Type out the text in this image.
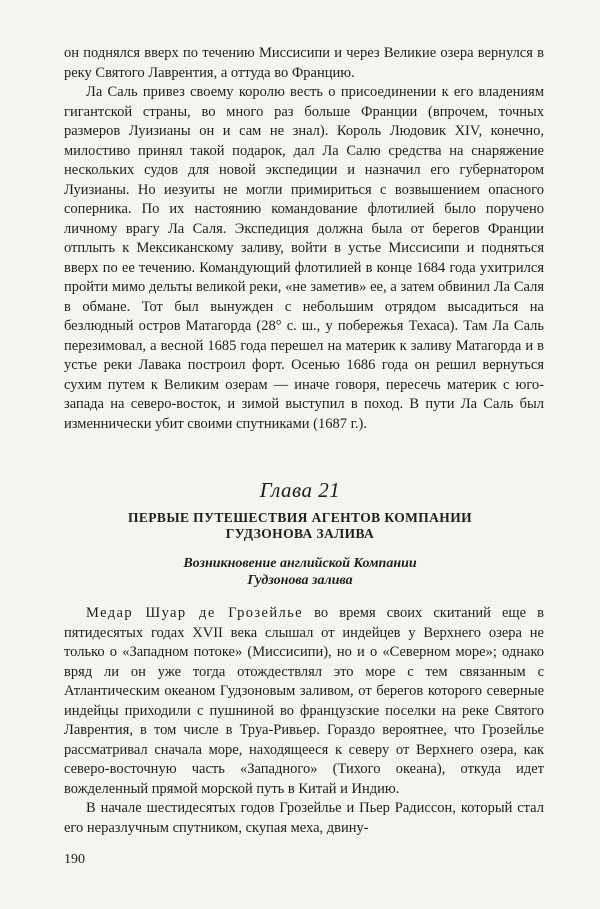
он поднялся вверх по течению Миссисипи и через Великие озера вернулся в реку Святого Лаврентия, а оттуда во Францию.

Ла Саль привез своему королю весть о присоединении к его владениям гигантской страны, во много раз больше Франции (впрочем, точных размеров Луизианы он и сам не знал). Король Людовик XIV, конечно, милостиво принял такой подарок, дал Ла Салю средства на снаряжение нескольких судов для новой экспедиции и назначил его губернатором Луизианы. Но иезуиты не могли примириться с возвышением опасного соперника. По их настоянию командование флотилией было поручено личному врагу Ла Саля. Экспедиция должна была от берегов Франции отплыть к Мексиканскому заливу, войти в устье Миссисипи и подняться вверх по ее течению. Командующий флотилией в конце 1684 года ухитрился пройти мимо дельты великой реки, «не заметив» ее, а затем обвинил Ла Саля в обмане. Тот был вынужден с небольшим отрядом высадиться на безлюдный остров Матагорда (28° с. ш., у побережья Техаса). Там Ла Саль перезимовал, а весной 1685 года перешел на материк к заливу Матагорда и в устье реки Лавака построил форт. Осенью 1686 года он решил вернуться сухим путем к Великим озерам — иначе говоря, пересечь материк с юго-запада на северо-восток, и зимой выступил в поход. В пути Ла Саль был изменнически убит своими спутниками (1687 г.).

Глава 21
ПЕРВЫЕ ПУТЕШЕСТВИЯ АГЕНТОВ КОМПАНИИ
ГУДЗОНОВА ЗАЛИВА
Возникновение английской Компании
Гудзонова залива

Медар Шуар де Грозейлье во время своих скитаний еще в пятидесятых годах XVII века слышал от индейцев у Верхнего озера не только о «Западном потоке» (Миссисипи), но и о «Северном море»; однако вряд ли он уже тогда отождествлял это море с тем связанным с Атлантическим океаном Гудзоновым заливом, от берегов которого северные индейцы приходили с пушниной во французские поселки на реке Святого Лаврентия, в том числе в Труа-Ривьер. Гораздо вероятнее, что Грозейлье рассматривал сначала море, находящееся к северу от Верхнего озера, как северо-восточную часть «Западного» (Тихого океана), откуда идет вожделенный прямой морской путь в Китай и Индию.

В начале шестидесятых годов Грозейлье и Пьер Радиссон, который стал его неразлучным спутником, скупая меха, двину-

190
